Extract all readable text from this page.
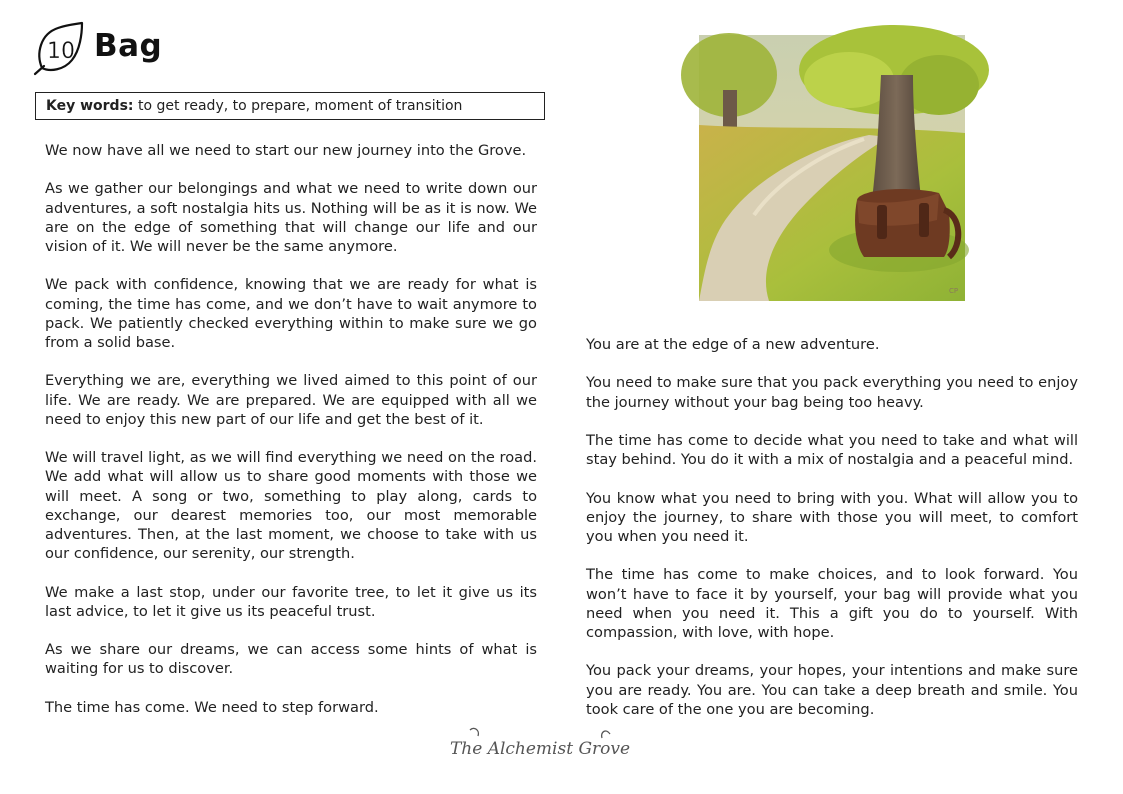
10 Bag
Key words: to get ready, to prepare, moment of transition

We now have all we need to start our new journey into the Grove.

As we gather our belongings and what we need to write down our adventures, a soft nostalgia hits us. Nothing will be as it is now. We are on the edge of something that will change our life and our vision of it. We will never be the same anymore.

We pack with confidence, knowing that we are ready for what is coming, the time has come, and we don’t have to wait anymore to pack. We patiently checked everything within to make sure we go from a solid base.

Everything we are, everything we lived aimed to this point of our life. We are ready. We are prepared. We are equipped with all we need to enjoy this new part of our life and get the best of it.

We will travel light, as we will find everything we need on the road. We add what will allow us to share good moments with those we will meet. A song or two, something to play along, cards to exchange, our dearest memories too, our most memorable adventures. Then, at the last moment, we choose to take with us our confidence, our serenity, our strength.

We make a last stop, under our favorite tree, to let it give us its last advice, to let it give us its peaceful trust.

As we share our dreams, we can access some hints of what is waiting for us to discover.

The time has come. We need to step forward.

CP

You are at the edge of a new adventure.

You need to make sure that you pack everything you need to enjoy the journey without your bag being too heavy.

The time has come to decide what you need to take and what will stay behind. You do it with a mix of nostalgia and a peaceful mind.

You know what you need to bring with you. What will allow you to enjoy the journey, to share with those you will meet, to comfort you when you need it.

The time has come to make choices, and to look forward. You won’t have to face it by yourself, your bag will provide what you need when you need it. This a gift you do to yourself. With compassion, with love, with hope.

You pack your dreams, your hopes, your intentions and make sure you are ready. You are. You can take a deep breath and smile. You took care of the one you are becoming.

The Alchemist Grove
